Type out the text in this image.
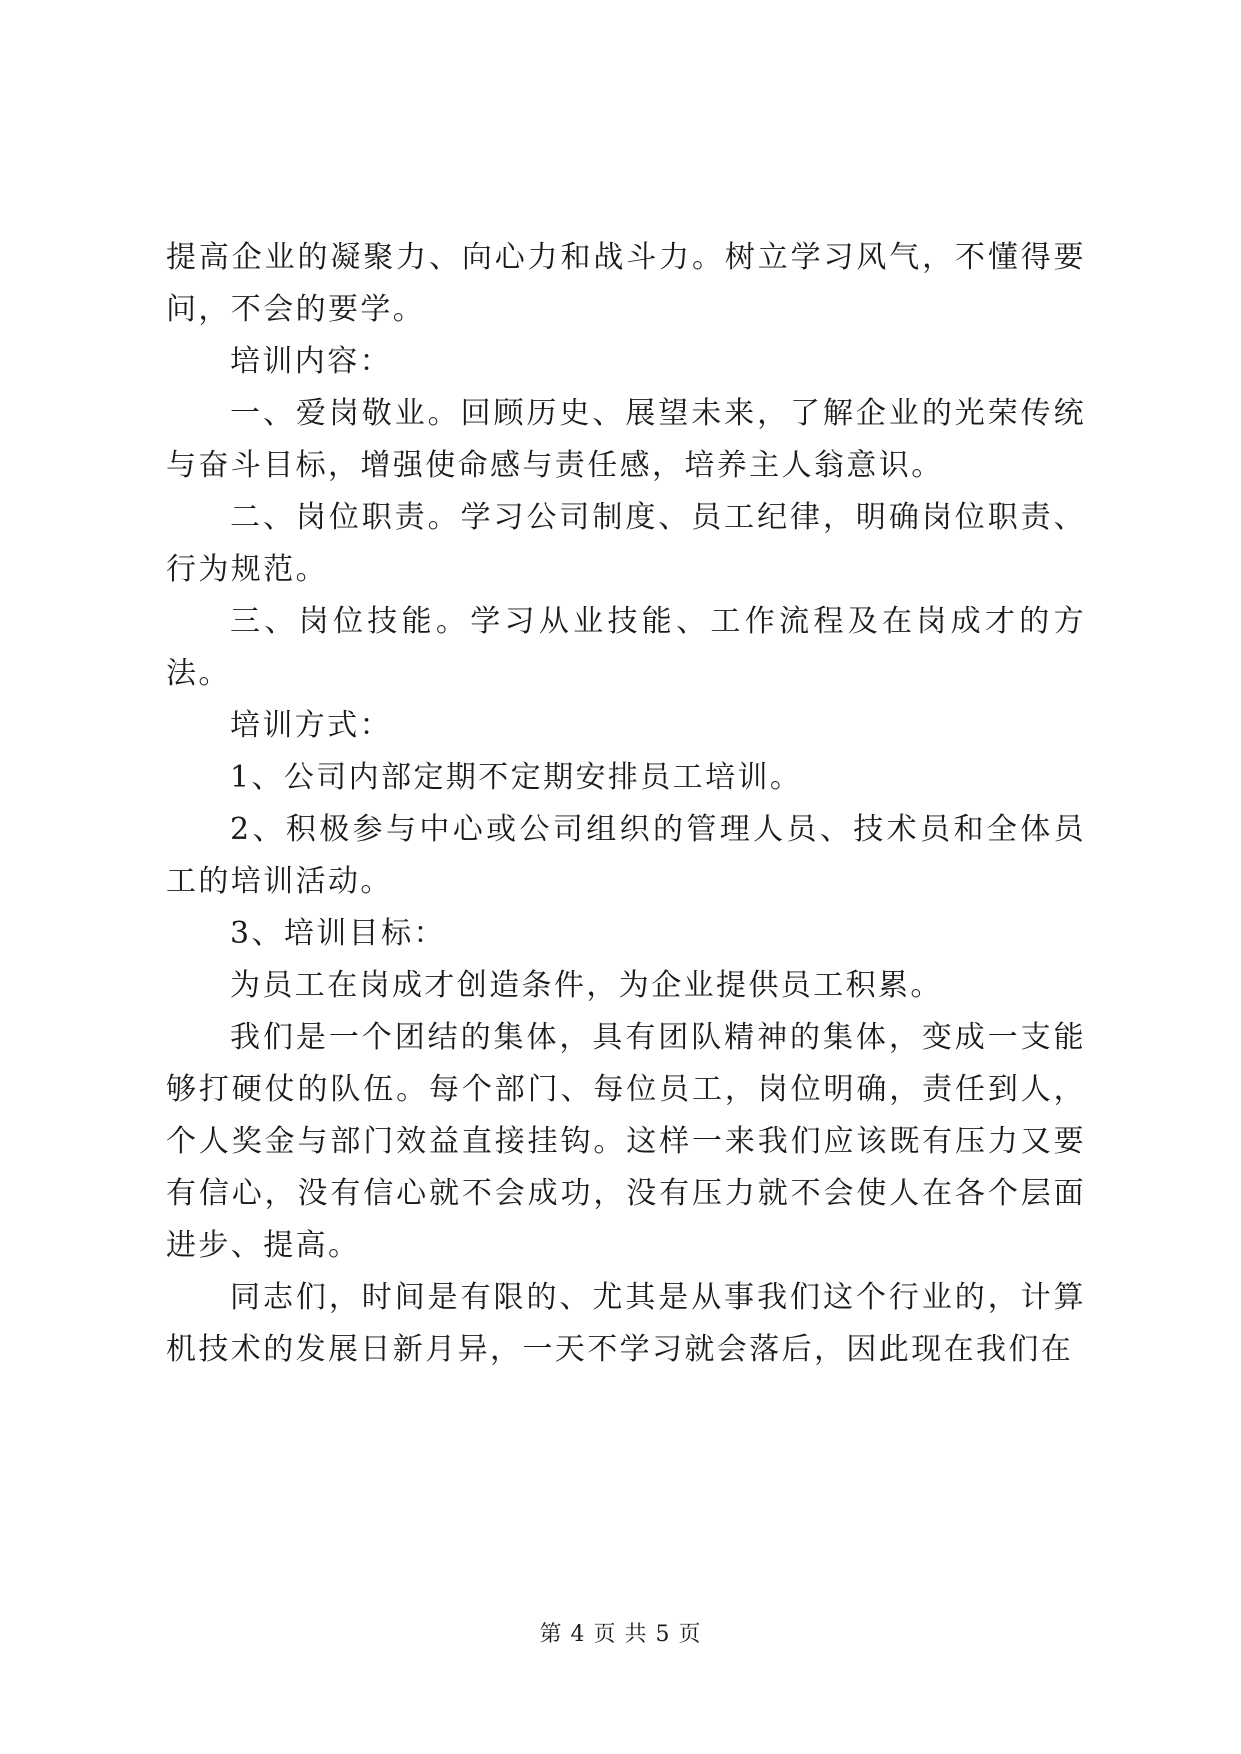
提高企业的凝聚力、向心力和战斗力。树立学习风气，不懂得要问，不会的要学。

培训内容：

一、爱岗敬业。回顾历史、展望未来，了解企业的光荣传统与奋斗目标，增强使命感与责任感，培养主人翁意识。

二、岗位职责。学习公司制度、员工纪律，明确岗位职责、行为规范。

三、岗位技能。学习从业技能、工作流程及在岗成才的方法。

培训方式：

1、公司内部定期不定期安排员工培训。

2、积极参与中心或公司组织的管理人员、技术员和全体员工的培训活动。

3、培训目标：

为员工在岗成才创造条件，为企业提供员工积累。

我们是一个团结的集体，具有团队精神的集体，变成一支能够打硬仗的队伍。每个部门、每位员工，岗位明确，责任到人，个人奖金与部门效益直接挂钩。这样一来我们应该既有压力又要有信心，没有信心就不会成功，没有压力就不会使人在各个层面进步、提高。

同志们，时间是有限的、尤其是从事我们这个行业的，计算机技术的发展日新月异，一天不学习就会落后，因此现在我们在

第 4 页 共 5 页
